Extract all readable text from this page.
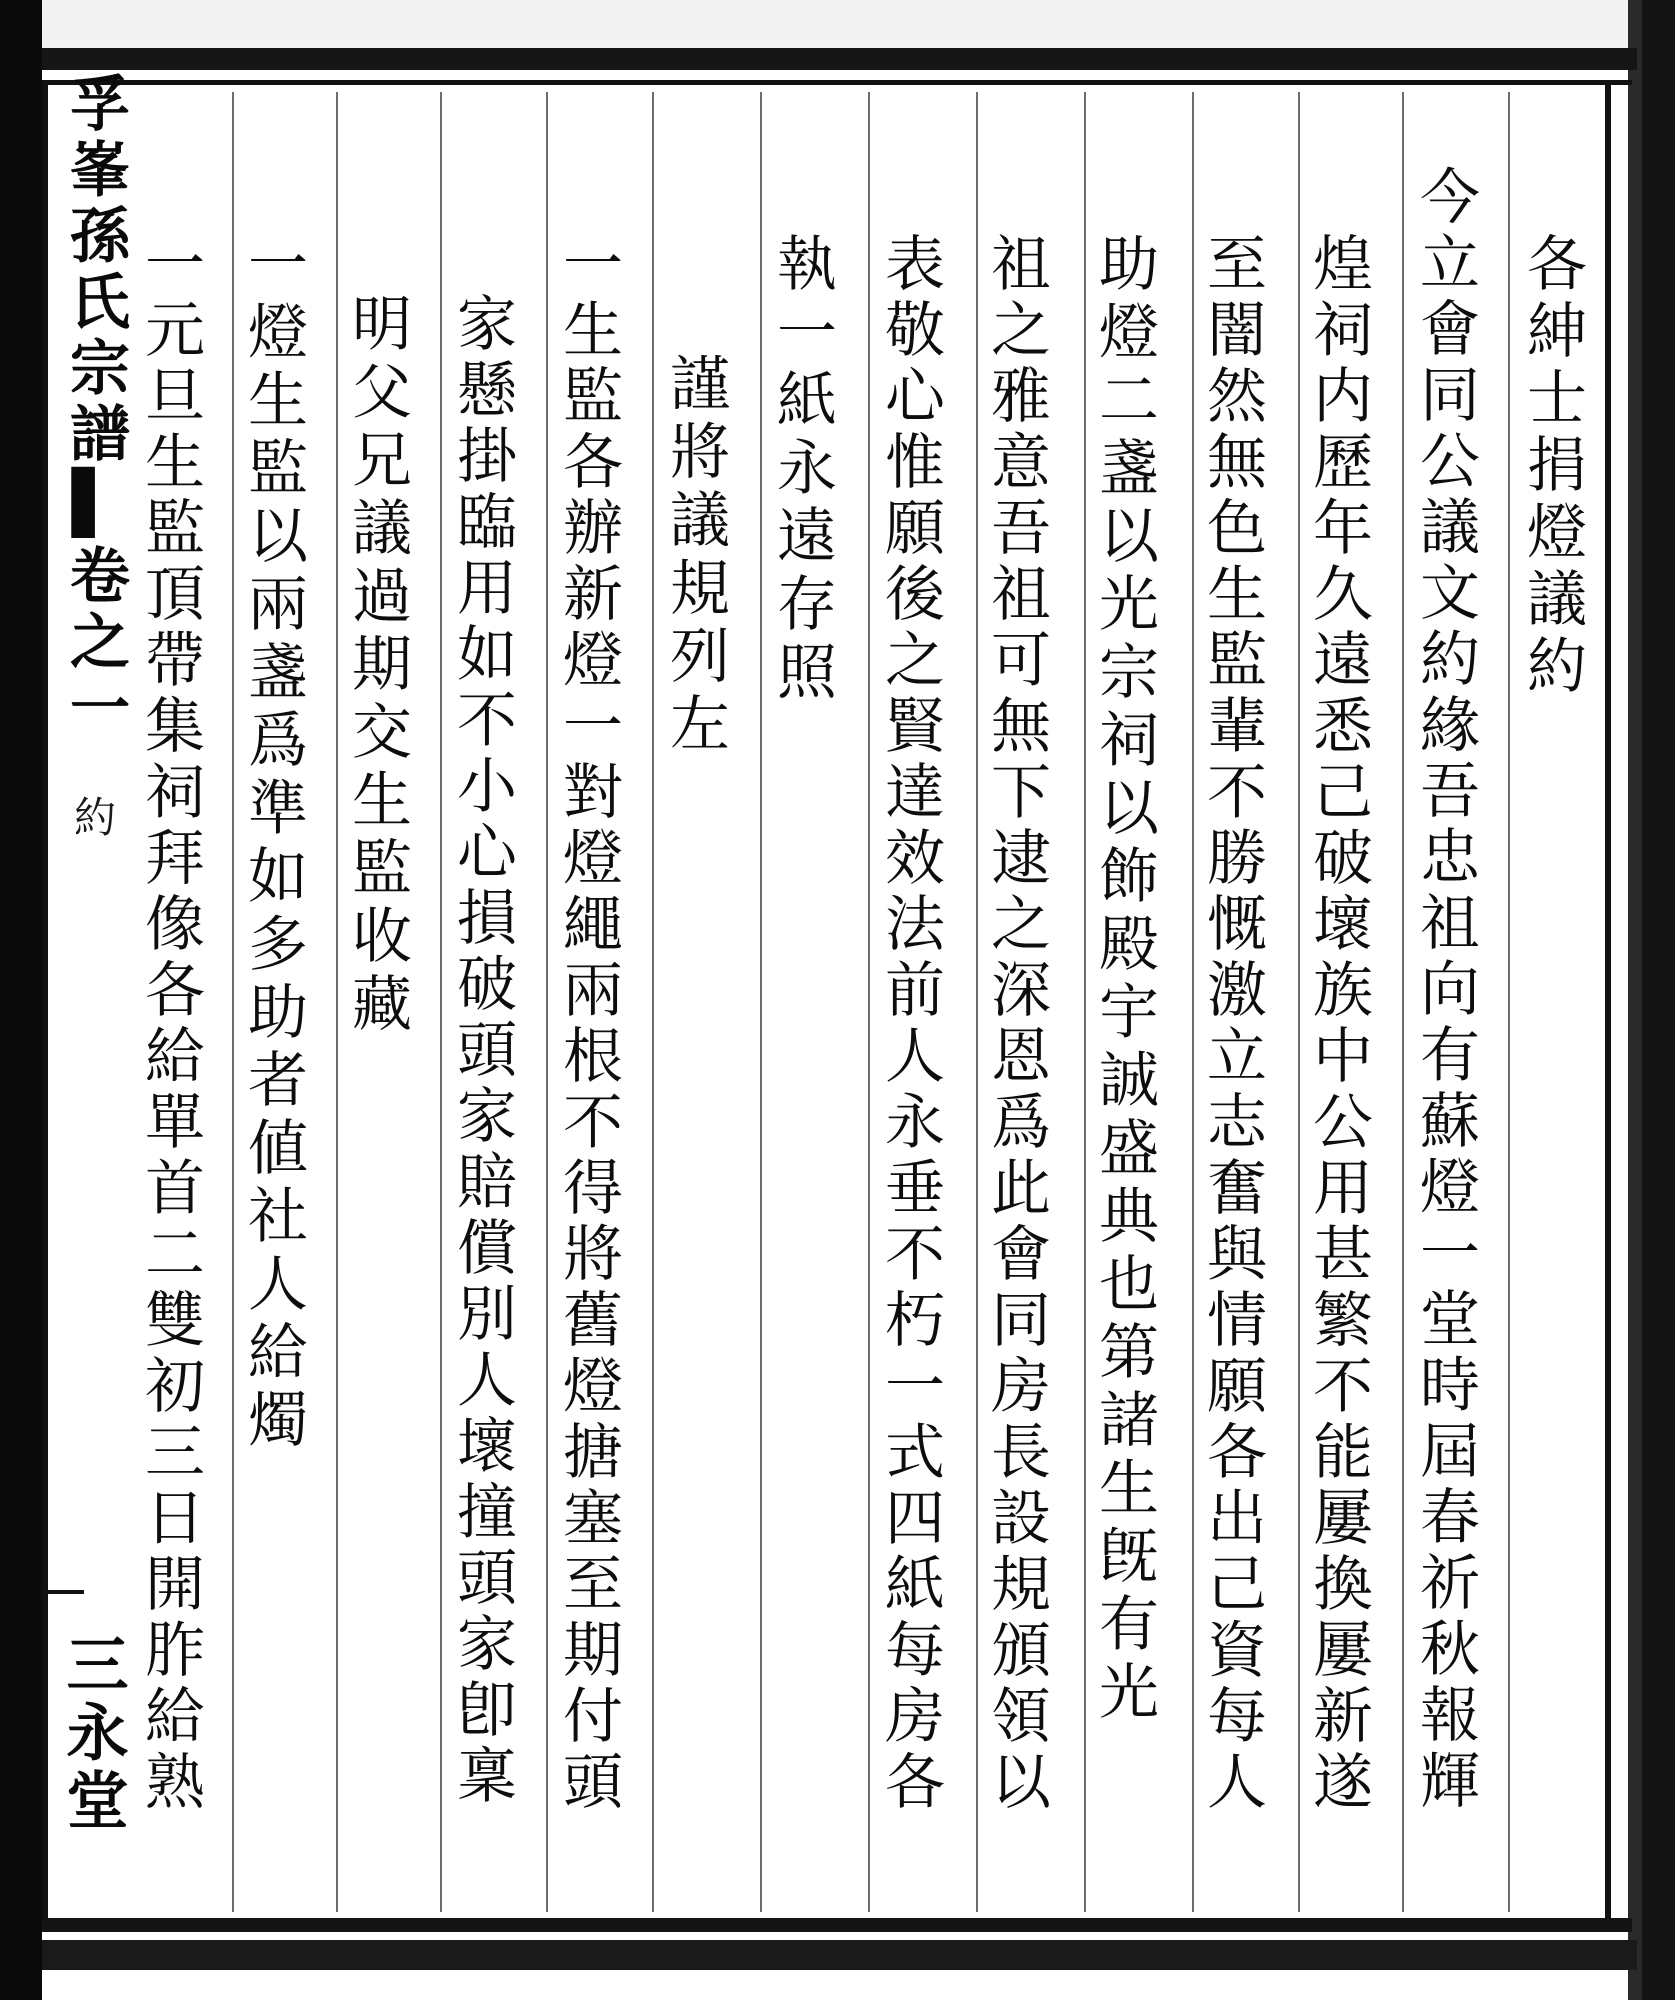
孚峯孫氏宗譜▌卷之一
約
三永堂
各紳士捐燈議約
今立會同公議文約緣吾忠祖向有蘇燈一堂時屆春祈秋報輝
煌祠内歷年久遠悉己破壞族中公用甚繁不能屢換屢新遂
至闇然無色生監輩不勝慨激立志奮與情願各出己資每人
助燈二盞以光宗祠以飾殿宇誠盛典也第諸生旣有光
祖之雅意吾祖可無下逮之深恩爲此會同房長設規頒領以
表敬心惟願後之賢達效法前人永垂不朽一式四紙每房各
執一紙永遠存照
謹將議規列左
一生監各辦新燈一對燈繩兩根不得將舊燈搪塞至期付頭
家懸掛臨用如不小心損破頭家賠償別人壞撞頭家卽稟
明父兄議過期交生監收藏
一燈生監以兩盞爲準如多助者値社人給燭
一元旦生監頂帶集祠拜像各給單首二雙初三日開胙給熟
